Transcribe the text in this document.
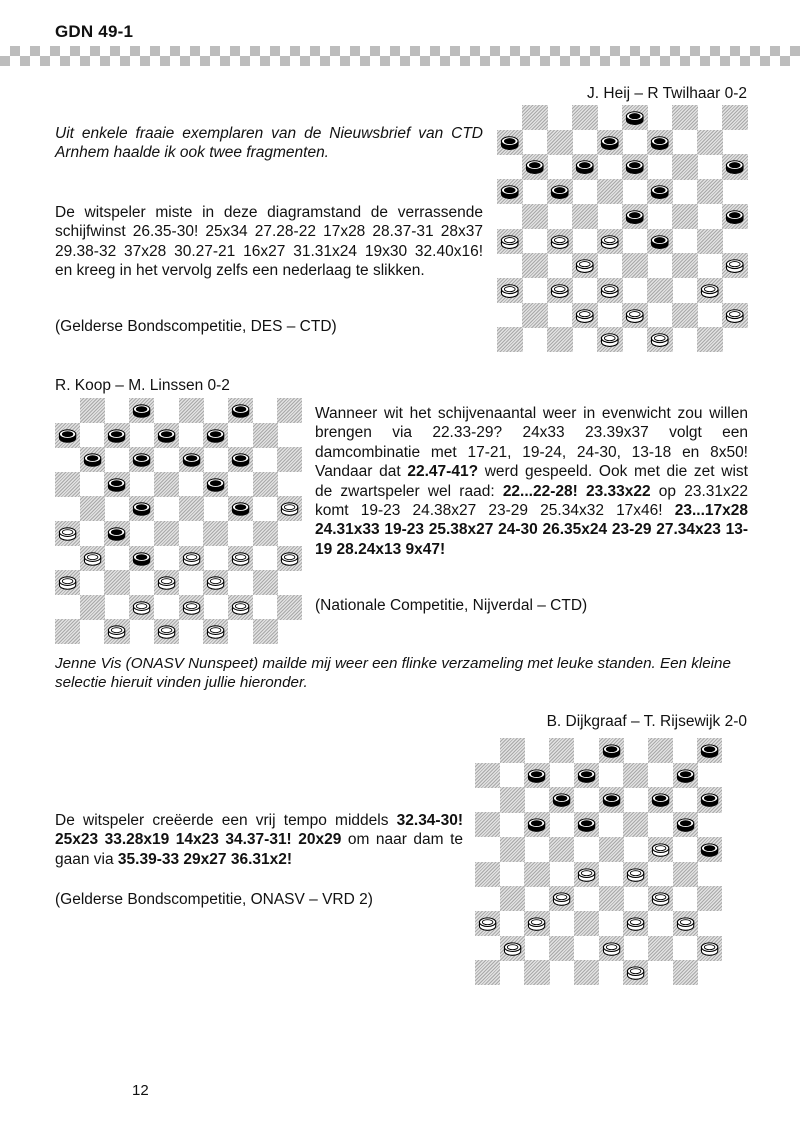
GDN 49-1
Uit enkele fraaie exemplaren van de Nieuwsbrief van CTD Arnhem haalde ik ook twee fragmenten.
J. Heij – R Twilhaar 0-2
De witspeler miste in deze diagramstand de verrassende schijfwinst 26.35-30! 25x34 27.28-22 17x28 28.37-31 28x37 29.38-32 37x28 30.27-21 16x27 31.31x24 19x30 32.40x16! en kreeg in het vervolg zelfs een nederlaag te slikken.
(Gelderse Bondscompetitie, DES – CTD)
R. Koop – M. Linssen 0-2
Wanneer wit het schijvenaantal weer in evenwicht zou willen brengen via 22.33-29? 24x33 23.39x37 volgt een damcombinatie met 17-21, 19-24, 24-30, 13-18 en 8x50! Vandaar dat 22.47-41? werd gespeeld. Ook met die zet wist de zwartspeler wel raad: 22...22-28! 23.33x22 op 23.31x22 komt 19-23 24.38x27 23-29 25.34x32 17x46! 23...17x28 24.31x33 19-23 25.38x27 24-30 26.35x24 23-29 27.34x23 13-19 28.24x13 9x47!
(Nationale Competitie, Nijverdal – CTD)
Jenne Vis (ONASV Nunspeet) mailde mij weer een flinke verzameling met leuke standen. Een kleine selectie hieruit vinden jullie hieronder.
B. Dijkgraaf – T. Rijsewijk 2-0
De witspeler creëerde een vrij tempo middels 32.34-30! 25x23 33.28x19 14x23 34.37-31! 20x29 om naar dam te gaan via 35.39-33 29x27 36.31x2!
(Gelderse Bondscompetitie, ONASV – VRD 2)
12
